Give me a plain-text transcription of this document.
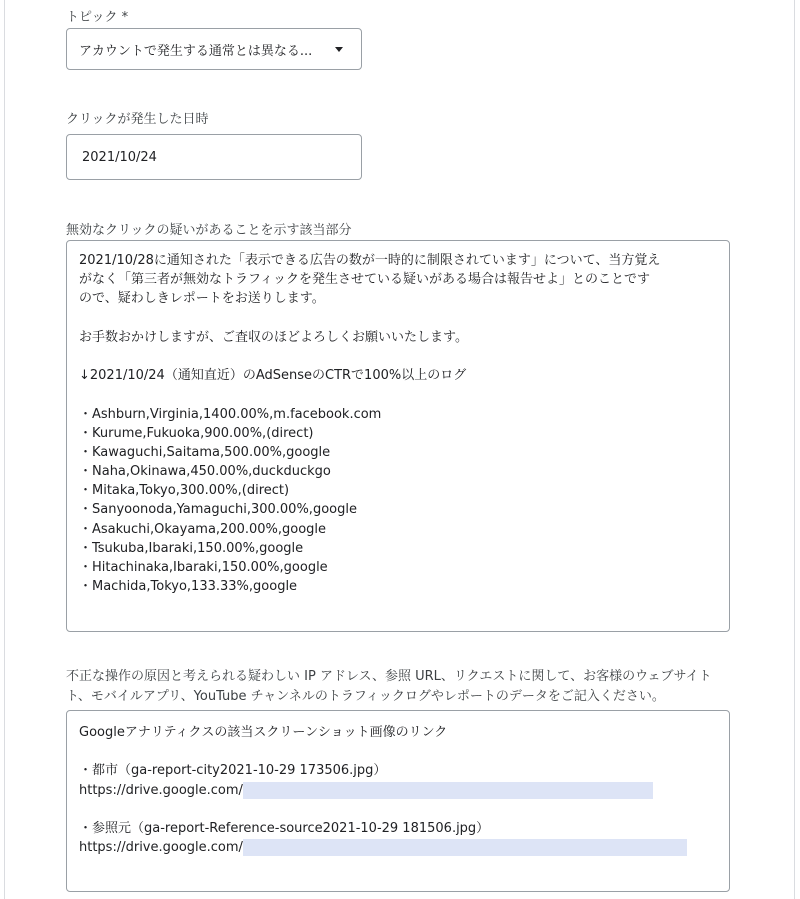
トピック *
アカウントで発生する通常とは異なる...
クリックが発生した日時
2021/10/24
無効なクリックの疑いがあることを示す該当部分
2021/10/28に通知された「表示できる広告の数が一時的に制限されています」について、当方覚え
がなく「第三者が無効なトラフィックを発生させている疑いがある場合は報告せよ」とのことです
ので、疑わしきレポートをお送りします。
お手数おかけしますが、ご査収のほどよろしくお願いいたします。
↓2021/10/24（通知直近）のAdSenseのCTRで100%以上のログ
・Ashburn,Virginia,1400.00%,m.facebook.com
・Kurume,Fukuoka,900.00%,(direct)
・Kawaguchi,Saitama,500.00%,google
・Naha,Okinawa,450.00%,duckduckgo
・Mitaka,Tokyo,300.00%,(direct)
・Sanyoonoda,Yamaguchi,300.00%,google
・Asakuchi,Okayama,200.00%,google
・Tsukuba,Ibaraki,150.00%,google
・Hitachinaka,Ibaraki,150.00%,google
・Machida,Tokyo,133.33%,google
不正な操作の原因と考えられる疑わしい IP アドレス、参照 URL、リクエストに関して、お客様のウェブサイト
ト、モバイルアプリ、YouTube チャンネルのトラフィックログやレポートのデータをご記入ください。
Googleアナリティクスの該当スクリーンショット画像のリンク
・都市（ga-report-city2021-10-29 173506.jpg）
https://drive.google.com/
・参照元（ga-report-Reference-source2021-10-29 181506.jpg）
https://drive.google.com/
